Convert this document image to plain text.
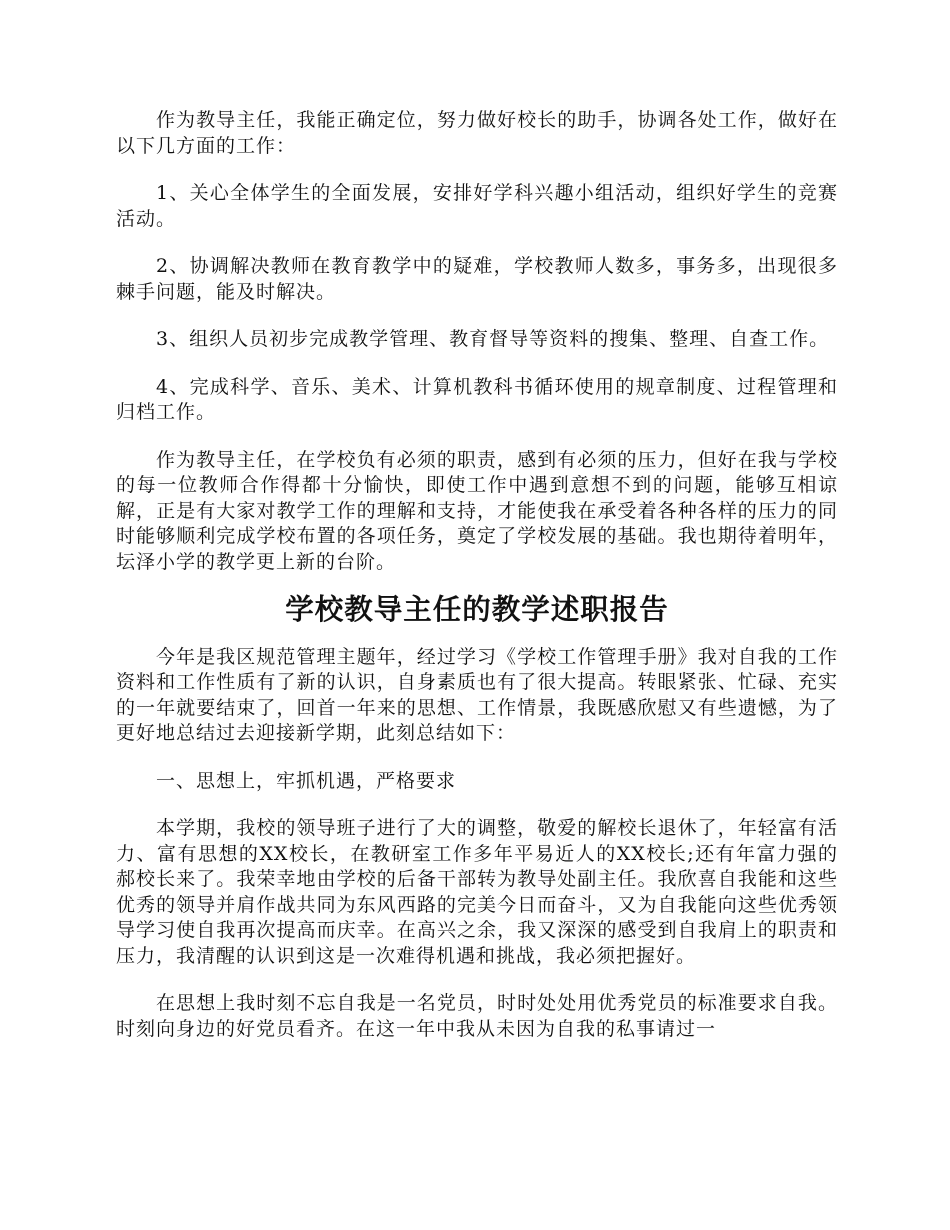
作为教导主任，我能正确定位，努力做好校长的助手，协调各处工作，做好在以下几方面的工作：

1、关心全体学生的全面发展，安排好学科兴趣小组活动，组织好学生的竞赛活动。

2、协调解决教师在教育教学中的疑难，学校教师人数多，事务多，出现很多棘手问题，能及时解决。

3、组织人员初步完成教学管理、教育督导等资料的搜集、整理、自查工作。

4、完成科学、音乐、美术、计算机教科书循环使用的规章制度、过程管理和归档工作。

作为教导主任，在学校负有必须的职责，感到有必须的压力，但好在我与学校的每一位教师合作得都十分愉快，即使工作中遇到意想不到的问题，能够互相谅解，正是有大家对教学工作的理解和支持，才能使我在承受着各种各样的压力的同时能够顺利完成学校布置的各项任务，奠定了学校发展的基础。我也期待着明年，坛泽小学的教学更上新的台阶。

学校教导主任的教学述职报告

今年是我区规范管理主题年，经过学习《学校工作管理手册》我对自我的工作资料和工作性质有了新的认识，自身素质也有了很大提高。转眼紧张、忙碌、充实的一年就要结束了，回首一年来的思想、工作情景，我既感欣慰又有些遗憾，为了更好地总结过去迎接新学期，此刻总结如下：

一、思想上，牢抓机遇，严格要求

本学期，我校的领导班子进行了大的调整，敬爱的解校长退休了，年轻富有活力、富有思想的XX校长，在教研室工作多年平易近人的XX校长;还有年富力强的郝校长来了。我荣幸地由学校的后备干部转为教导处副主任。我欣喜自我能和这些优秀的领导并肩作战共同为东风西路的完美今日而奋斗，又为自我能向这些优秀领导学习使自我再次提高而庆幸。在高兴之余，我又深深的感受到自我肩上的职责和压力，我清醒的认识到这是一次难得机遇和挑战，我必须把握好。

在思想上我时刻不忘自我是一名党员，时时处处用优秀党员的标准要求自我。时刻向身边的好党员看齐。在这一年中我从未因为自我的私事请过一
